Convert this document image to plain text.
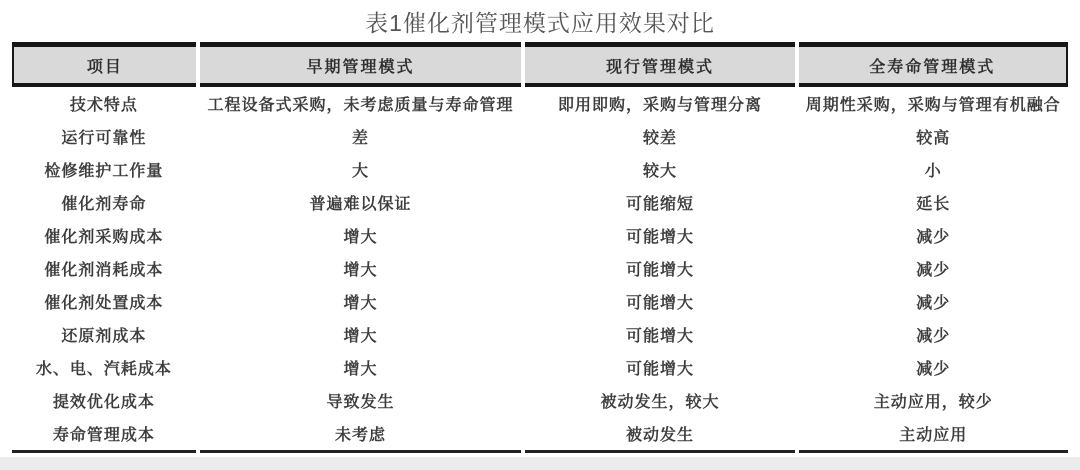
表1催化剂管理模式应用效果对比
项目	早期管理模式	现行管理模式	全寿命管理模式
技术特点	工程设备式采购，未考虑质量与寿命管理	即用即购，采购与管理分离	周期性采购，采购与管理有机融合
运行可靠性	差	较差	较高
检修维护工作量	大	较大	小
催化剂寿命	普遍难以保证	可能缩短	延长
催化剂采购成本	增大	可能增大	减少
催化剂消耗成本	增大	可能增大	减少
催化剂处置成本	增大	可能增大	减少
还原剂成本	增大	可能增大	减少
水、电、汽耗成本	增大	可能增大	减少
提效优化成本	导致发生	被动发生，较大	主动应用，较少
寿命管理成本	未考虑	被动发生	主动应用
